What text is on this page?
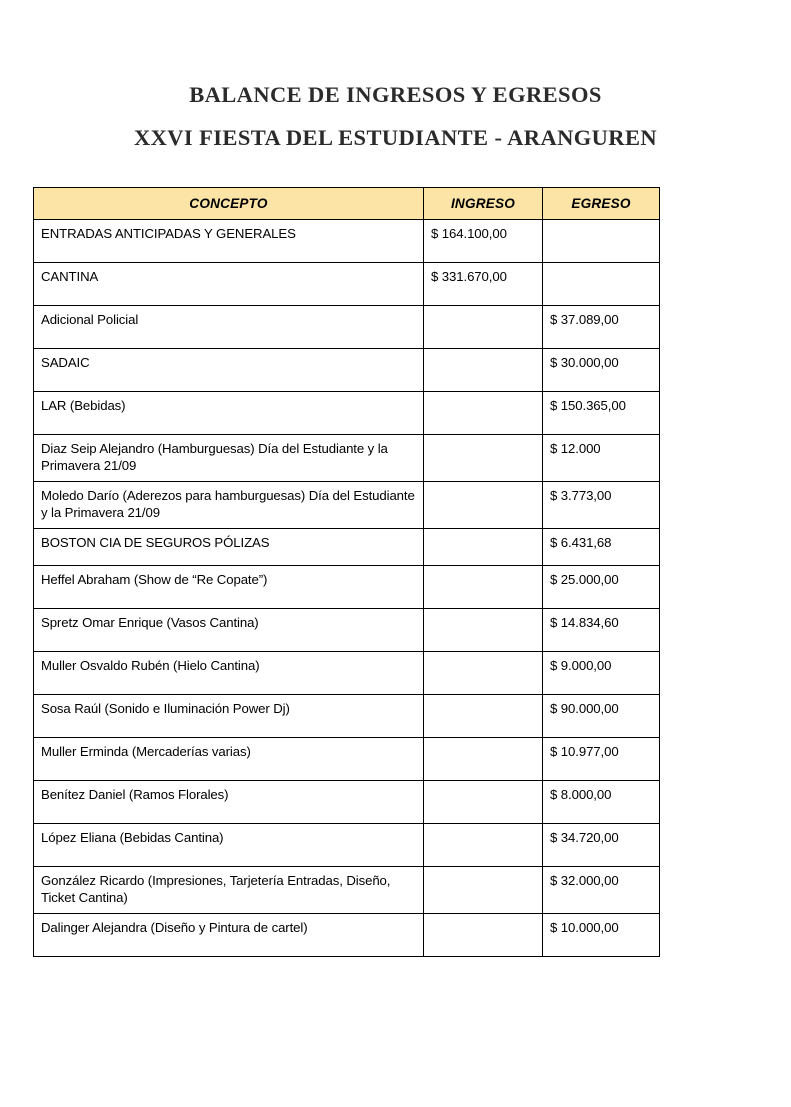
BALANCE DE INGRESOS Y EGRESOS
XXVI FIESTA DEL ESTUDIANTE - ARANGUREN
CONCEPTO	INGRESO	EGRESO
ENTRADAS ANTICIPADAS Y GENERALES	$ 164.100,00	
CANTINA	$ 331.670,00	
Adicional Policial		$ 37.089,00
SADAIC		$ 30.000,00
LAR (Bebidas)		$ 150.365,00
Diaz Seip Alejandro (Hamburguesas) Día del Estudiante y la Primavera 21/09		$ 12.000
Moledo Darío (Aderezos para hamburguesas) Día del Estudiante y la Primavera 21/09		$ 3.773,00
BOSTON CIA DE SEGUROS PÓLIZAS		$ 6.431,68
Heffel Abraham (Show de “Re Copate”)		$ 25.000,00
Spretz Omar Enrique (Vasos Cantina)		$ 14.834,60
Muller Osvaldo Rubén (Hielo Cantina)		$ 9.000,00
Sosa Raúl (Sonido e Iluminación Power Dj)		$ 90.000,00
Muller Erminda (Mercaderías varias)		$ 10.977,00
Benítez Daniel (Ramos Florales)		$ 8.000,00
López Eliana (Bebidas Cantina)		$ 34.720,00
González Ricardo (Impresiones, Tarjetería Entradas, Diseño, Ticket Cantina)		$ 32.000,00
Dalinger Alejandra (Diseño y Pintura de cartel)		$ 10.000,00
